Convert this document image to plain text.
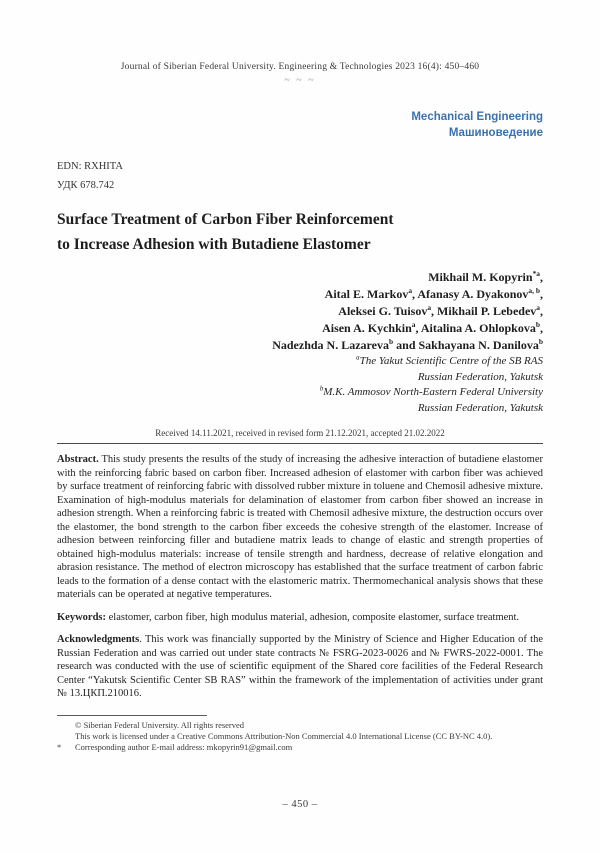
Journal of Siberian Federal University. Engineering & Technologies 2023 16(4): 450–460
~ ~ ~
Mechanical Engineering
Машиноведение
EDN: RXHITA
УДК 678.742
Surface Treatment of Carbon Fiber Reinforcement
to Increase Adhesion with Butadiene Elastomer
Mikhail M. Kopyrin$^{*a}$,
Aital E. Markov$^a$, Afanasy A. Dyakonov$^{a, b}$,
Aleksei G. Tuisov$^a$, Mikhail P. Lebedev$^a$,
Aisen A. Kychkin$^a$, Aitalina A. Ohlopkova$^b$,
Nadezhda N. Lazareva$^b$ and Sakhayana N. Danilova$^b$
$^a$The Yakut Scientific Centre of the SB RAS
Russian Federation, Yakutsk
$^b$M.K. Ammosov North-Eastern Federal University
Russian Federation, Yakutsk
Received 14.11.2021, received in revised form 21.12.2021, accepted 21.02.2022

Abstract. This study presents the results of the study of increasing the adhesive interaction of butadiene elastomer with the reinforcing fabric based on carbon fiber. Increased adhesion of elastomer with carbon fiber was achieved by surface treatment of reinforcing fabric with dissolved rubber mixture in toluene and Chemosil adhesive mixture. Examination of high-modulus materials for delamination of elastomer from carbon fiber showed an increase in adhesion strength. When a reinforcing fabric is treated with Chemosil adhesive mixture, the destruction occurs over the elastomer, the bond strength to the carbon fiber exceeds the cohesive strength of the elastomer. Increase of adhesion between reinforcing filler and butadiene matrix leads to change of elastic and strength properties of obtained high-modulus materials: increase of tensile strength and hardness, decrease of relative elongation and abrasion resistance. The method of electron microscopy has established that the surface treatment of carbon fabric leads to the formation of a dense contact with the elastomeric matrix. Thermomechanical analysis shows that these materials can be operated at negative temperatures.

Keywords: elastomer, carbon fiber, high modulus material, adhesion, composite elastomer, surface treatment.

Acknowledgments. This work was financially supported by the Ministry of Science and Higher Education of the Russian Federation and was carried out under state contracts № FSRG-2023-0026 and № FWRS-2022-0001. The research was conducted with the use of scientific equipment of the Shared core facilities of the Federal Research Center “Yakutsk Scientific Center SB RAS” within the framework of the implementation of activities under grant № 13.ЦКП.210016.

© Siberian Federal University. All rights reserved
This work is licensed under a Creative Commons Attribution-Non Commercial 4.0 International License (CC BY-NC 4.0).
*	Corresponding author E-mail address: mkopyrin91@gmail.com
– 450 –
